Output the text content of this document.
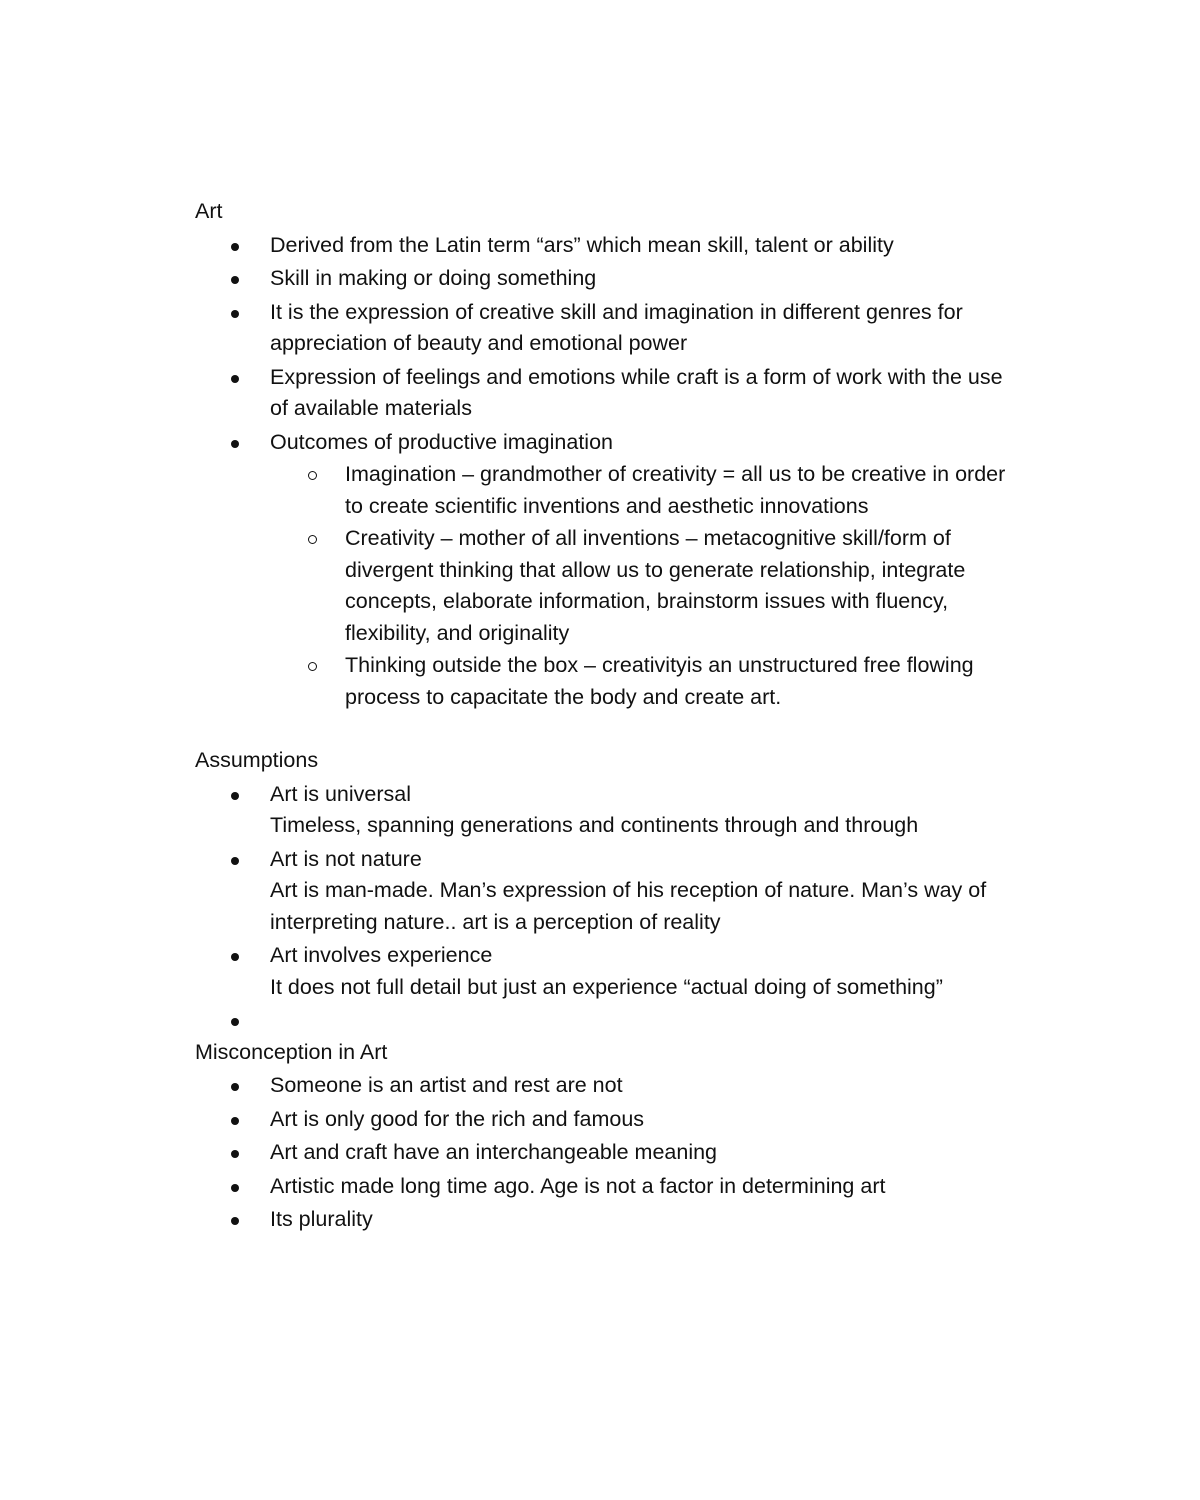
Art

Derived from the Latin term “ars” which mean skill, talent or ability
Skill in making or doing something
It is the expression of creative skill and imagination in different genres for appreciation of beauty and emotional power
Expression of feelings and emotions while craft is a form of work with the use of available materials
Outcomes of productive imagination
Imagination – grandmother of creativity = all us to be creative in order to create scientific inventions and aesthetic innovations
Creativity – mother of all inventions – metacognitive skill/form of divergent thinking that allow us to generate relationship, integrate concepts, elaborate information, brainstorm issues with fluency, flexibility, and originality
Thinking outside the box – creativityis an unstructured free flowing process to capacitate the body and create art.

Assumptions

Art is universal
Timeless, spanning generations and continents through and through
Art is not nature
Art is man-made. Man’s expression of his reception of nature. Man’s way of interpreting nature.. art is a perception of reality
Art involves experience
It does not full detail but just an experience “actual doing of something”

Misconception in Art

Someone is an artist and rest are not
Art is only good for the rich and famous
Art and craft have an interchangeable meaning
Artistic made long time ago. Age is not a factor in determining art
Its plurality
